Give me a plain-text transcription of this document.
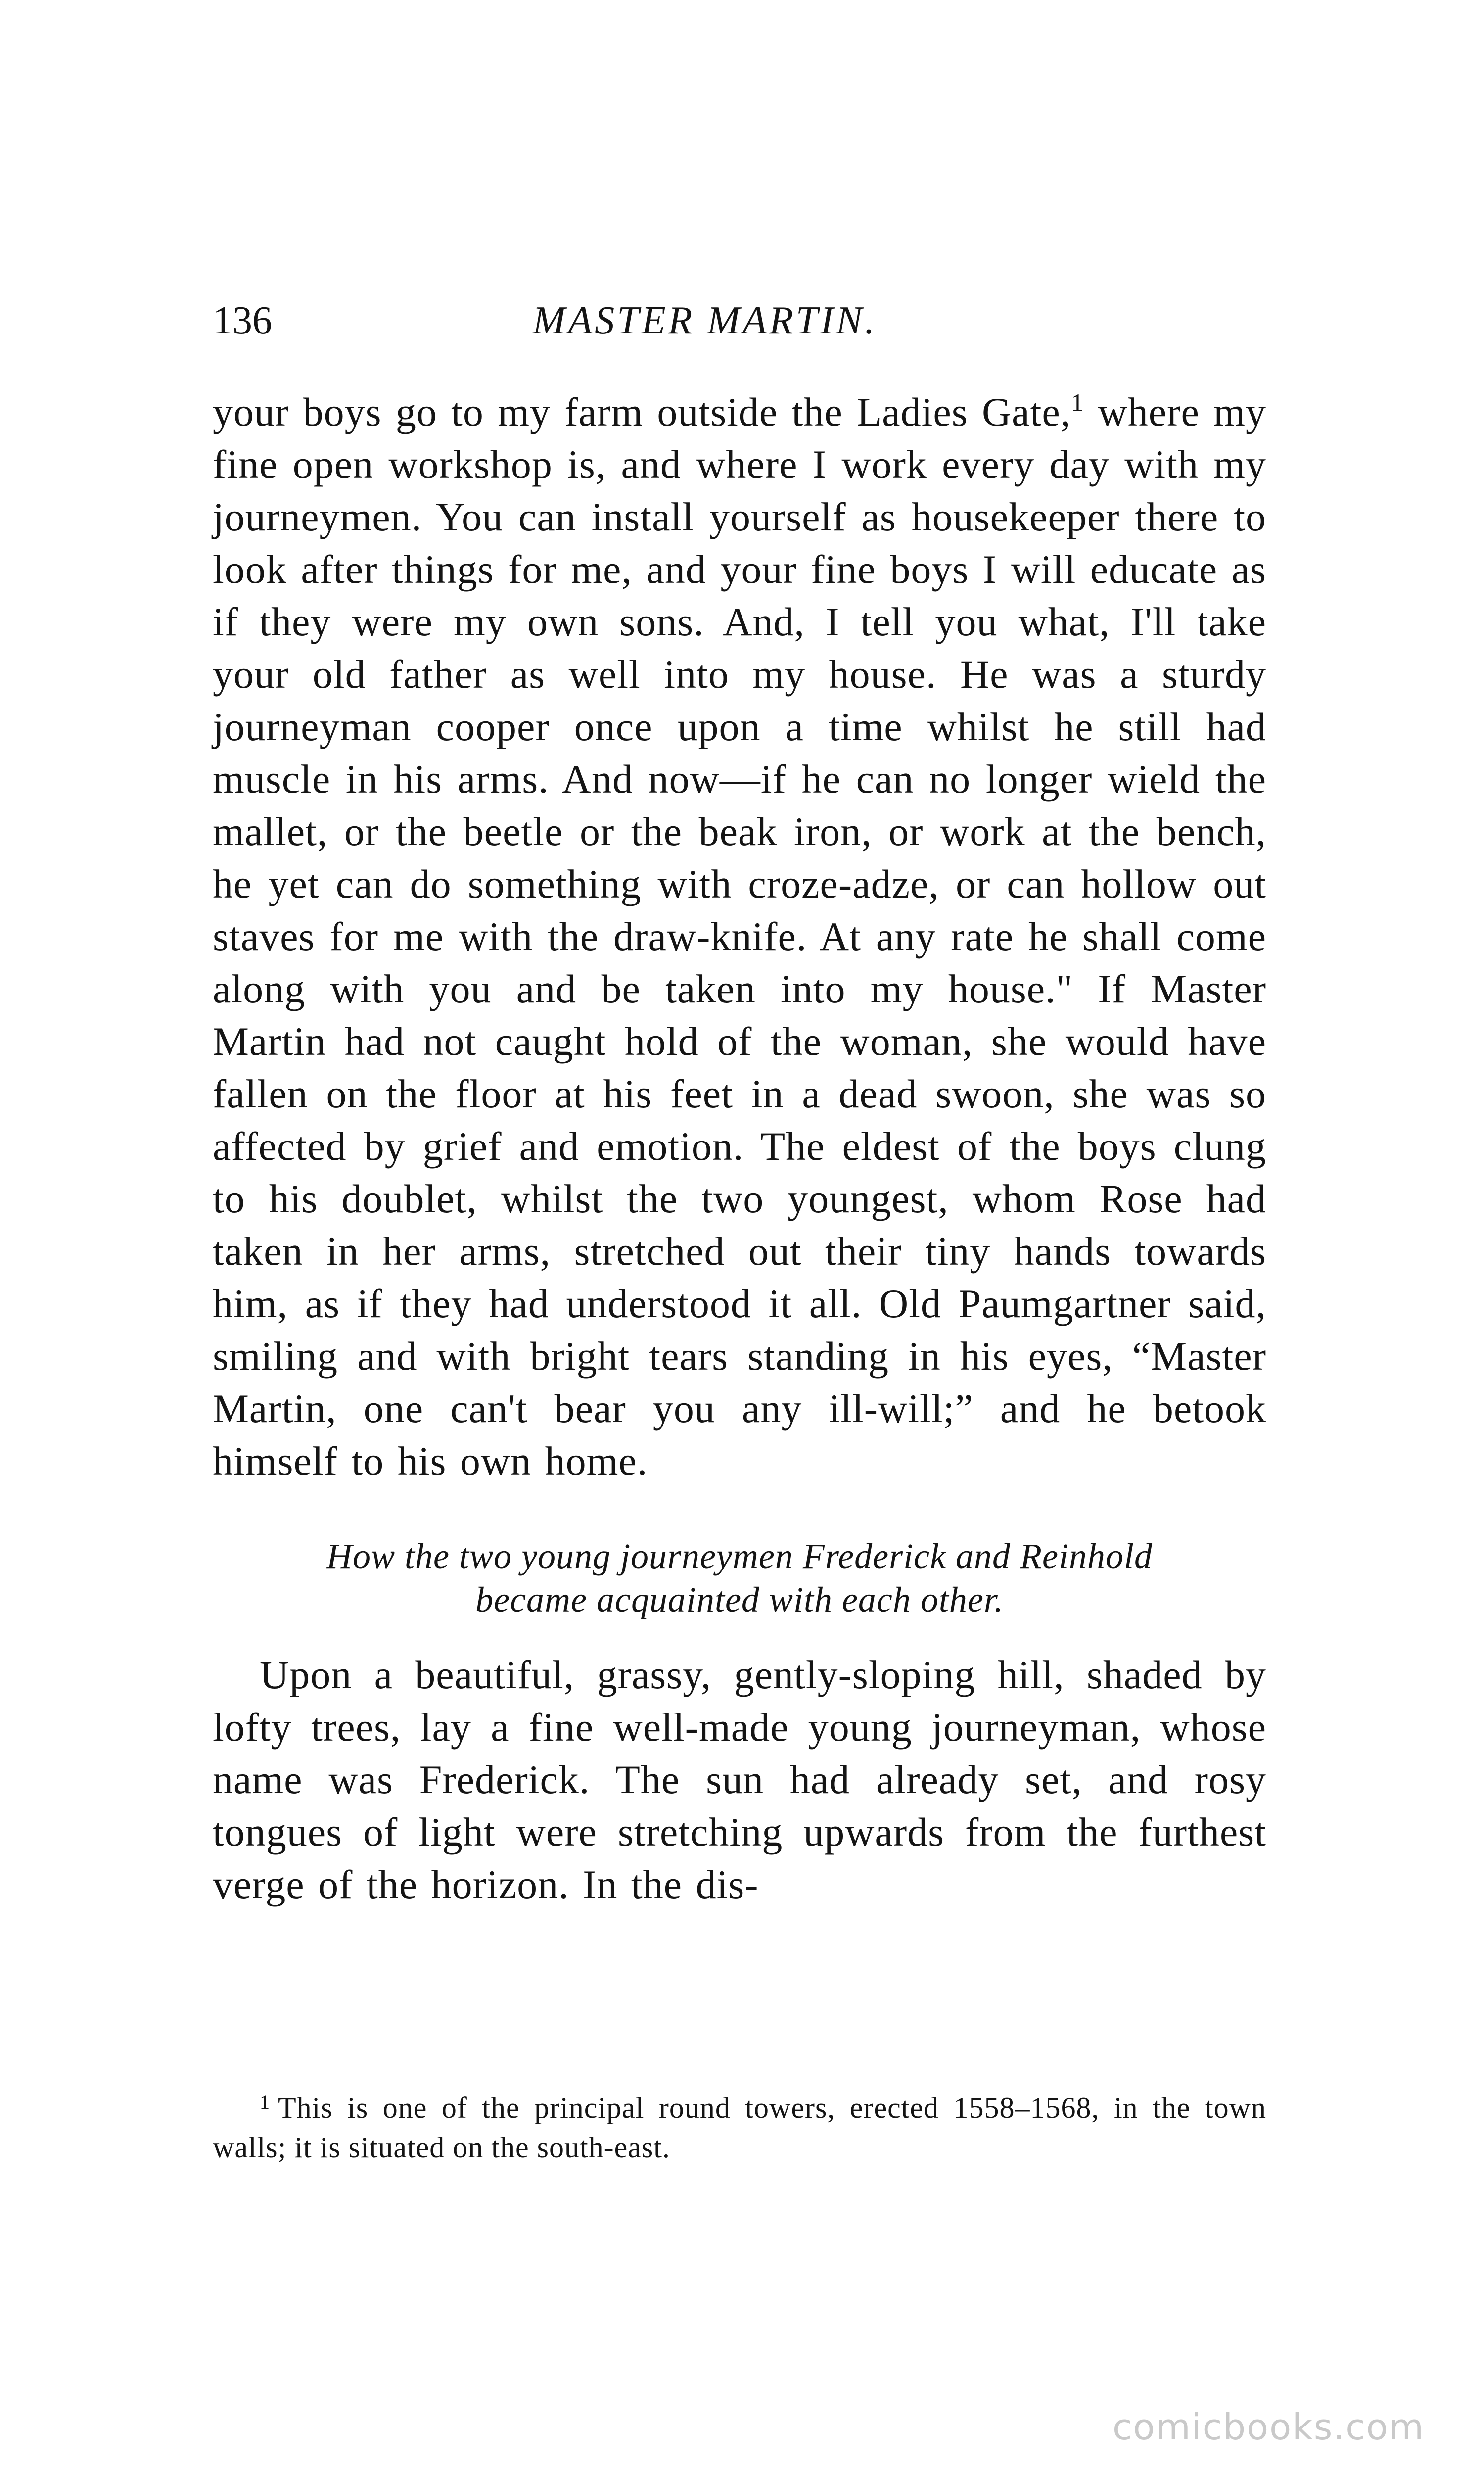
136	MASTER MARTIN.

your boys go to my farm outside the Ladies Gate,$^1$ where my fine open workshop is, and where I work every day with my journeymen. You can install yourself as housekeeper there to look after things for me, and your fine boys I will educate as if they were my own sons. And, I tell you what, I'll take your old father as well into my house. He was a sturdy journeyman cooper once upon a time whilst he still had muscle in his arms. And now—if he can no longer wield the mallet, or the beetle or the beak iron, or work at the bench, he yet can do something with croze-adze, or can hollow out staves for me with the draw-knife. At any rate he shall come along with you and be taken into my house." If Master Martin had not caught hold of the woman, she would have fallen on the floor at his feet in a dead swoon, she was so affected by grief and emotion. The eldest of the boys clung to his doublet, whilst the two youngest, whom Rose had taken in her arms, stretched out their tiny hands towards him, as if they had understood it all. Old Paumgartner said, smiling and with bright tears standing in his eyes, “Master Martin, one can't bear you any ill-will;” and he betook himself to his own home.

How the two young journeymen Frederick and Reinhold
became acquainted with each other.

Upon a beautiful, grassy, gently-sloping hill, shaded by lofty trees, lay a fine well-made young journeyman, whose name was Frederick. The sun had already set, and rosy tongues of light were stretching upwards from the furthest verge of the horizon. In the dis-

$^1$ This is one of the principal round towers, erected 1558–1568, in the town walls; it is situated on the south-east.

comicbooks.com
